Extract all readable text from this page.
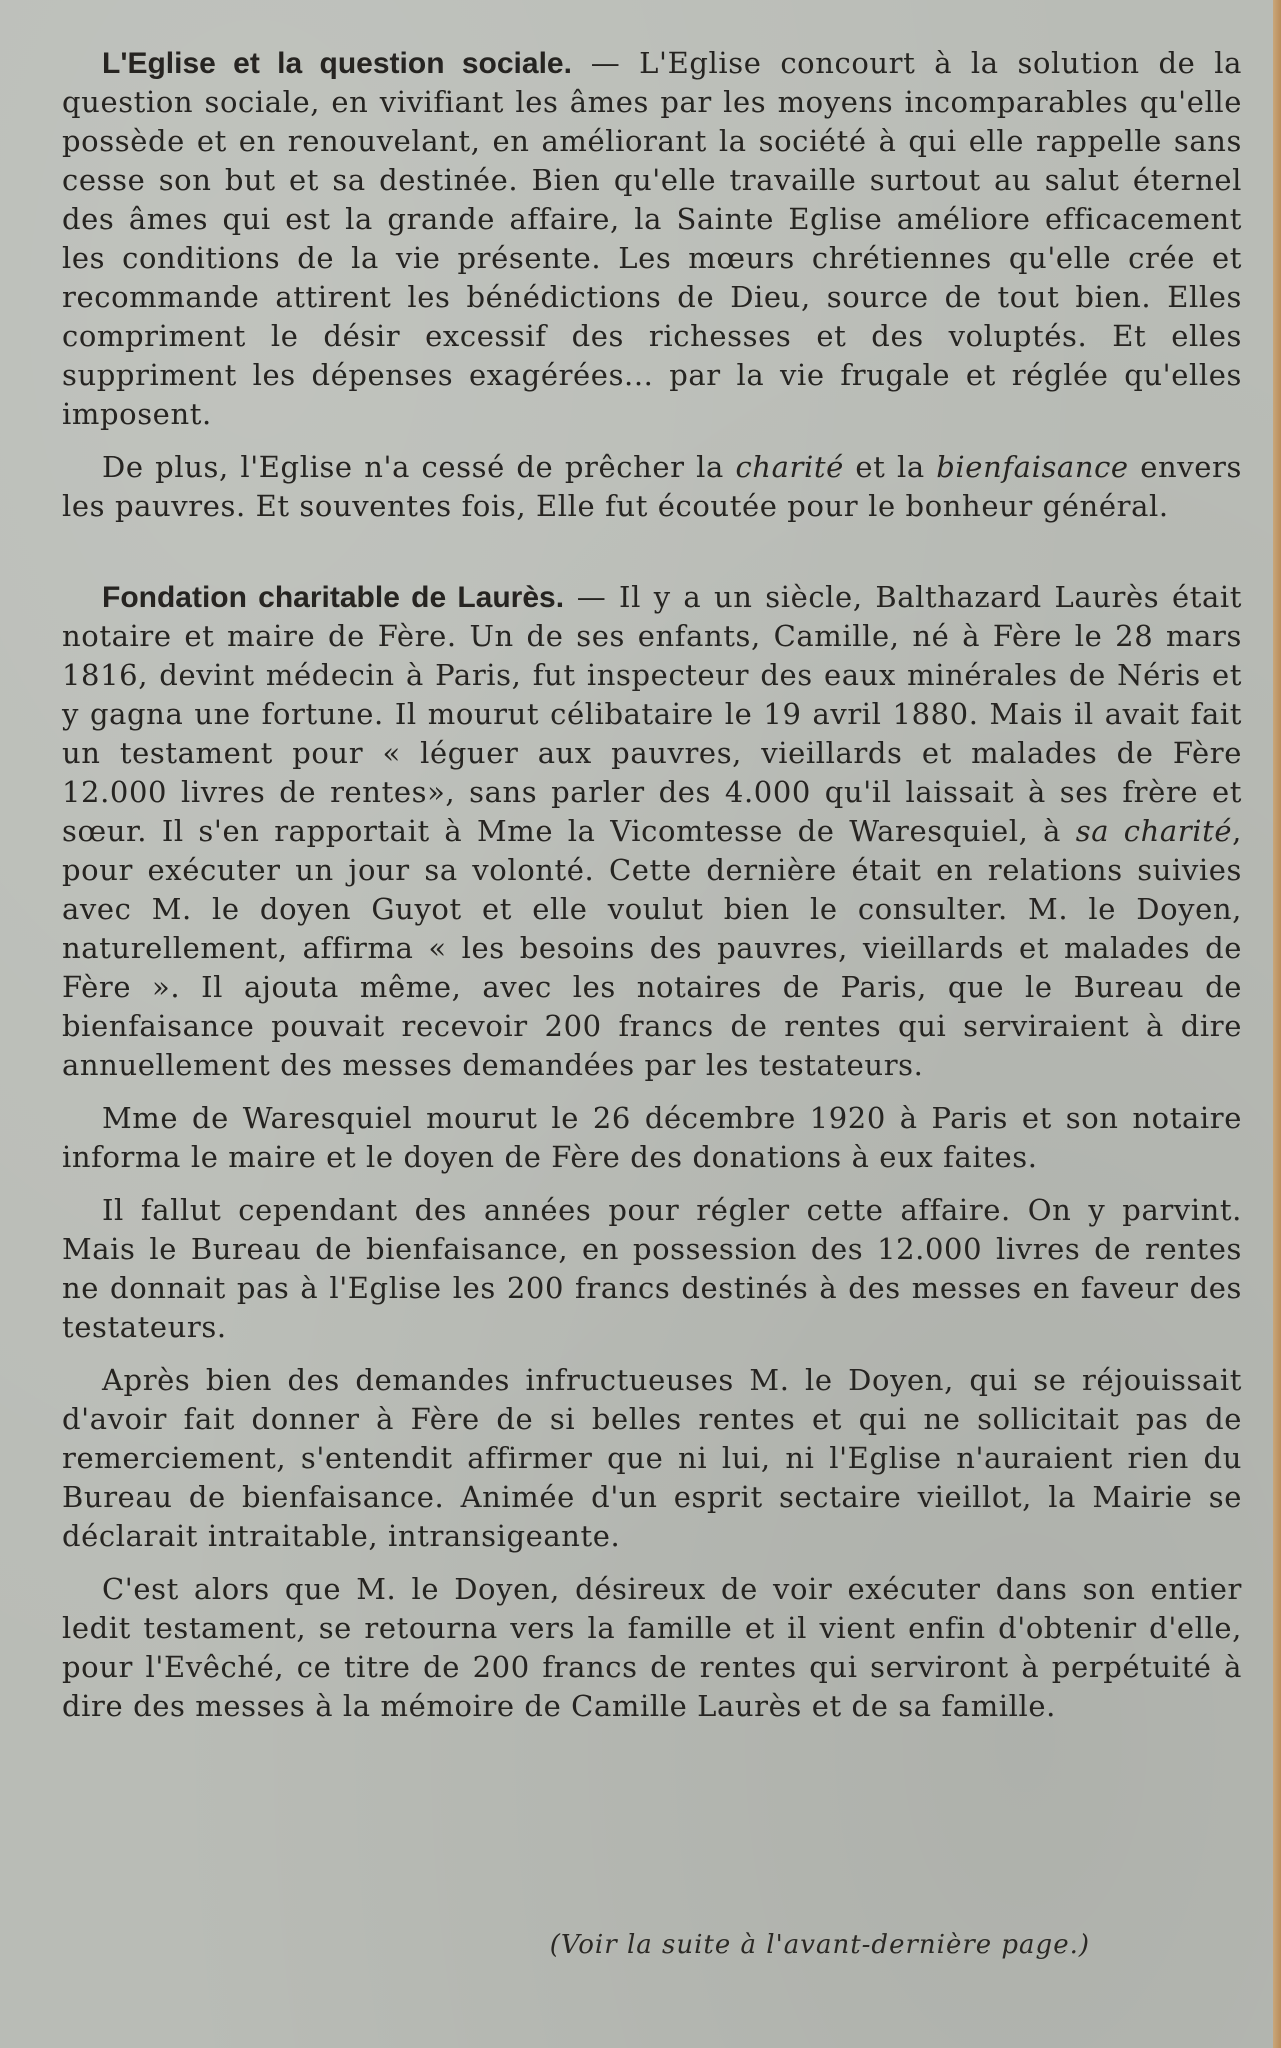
L'Eglise et la question sociale. — L'Eglise concourt à la solution de la question sociale, en vivifiant les âmes par les moyens incomparables qu'elle possède et en renouvelant, en améliorant la société à qui elle rappelle sans cesse son but et sa destinée. Bien qu'elle travaille surtout au salut éternel des âmes qui est la grande affaire, la Sainte Eglise améliore efficacement les conditions de la vie présente. Les mœurs chrétiennes qu'elle crée et recommande attirent les bénédictions de Dieu, source de tout bien. Elles compriment le désir excessif des richesses et des voluptés. Et elles suppriment les dépenses exagérées... par la vie frugale et réglée qu'elles imposent.

De plus, l'Eglise n'a cessé de prêcher la charité et la bienfaisance envers les pauvres. Et souventes fois, Elle fut écoutée pour le bonheur général.

Fondation charitable de Laurès. — Il y a un siècle, Balthazard Laurès était notaire et maire de Fère. Un de ses enfants, Camille, né à Fère le 28 mars 1816, devint médecin à Paris, fut inspecteur des eaux minérales de Néris et y gagna une fortune. Il mourut célibataire le 19 avril 1880. Mais il avait fait un testament pour « léguer aux pauvres, vieillards et malades de Fère 12.000 livres de rentes», sans parler des 4.000 qu'il laissait à ses frère et sœur. Il s'en rapportait à Mme la Vicomtesse de Waresquiel, à sa charité, pour exécuter un jour sa volonté. Cette dernière était en relations suivies avec M. le doyen Guyot et elle voulut bien le consulter. M. le Doyen, naturellement, affirma « les besoins des pauvres, vieillards et malades de Fère ». Il ajouta même, avec les notaires de Paris, que le Bureau de bienfaisance pouvait recevoir 200 francs de rentes qui serviraient à dire annuellement des messes demandées par les testateurs.

Mme de Waresquiel mourut le 26 décembre 1920 à Paris et son notaire informa le maire et le doyen de Fère des donations à eux faites.

Il fallut cependant des années pour régler cette affaire. On y parvint. Mais le Bureau de bienfaisance, en possession des 12.000 livres de rentes ne donnait pas à l'Eglise les 200 francs destinés à des messes en faveur des testateurs.

Après bien des demandes infructueuses M. le Doyen, qui se réjouissait d'avoir fait donner à Fère de si belles rentes et qui ne sollicitait pas de remerciement, s'entendit affirmer que ni lui, ni l'Eglise n'auraient rien du Bureau de bienfaisance. Animée d'un esprit sectaire vieillot, la Mairie se déclarait intraitable, intransigeante.

C'est alors que M. le Doyen, désireux de voir exécuter dans son entier ledit testament, se retourna vers la famille et il vient enfin d'obtenir d'elle, pour l'Evêché, ce titre de 200 francs de rentes qui serviront à perpétuité à dire des messes à la mémoire de Camille Laurès et de sa famille.

(Voir la suite à l'avant-dernière page.)
